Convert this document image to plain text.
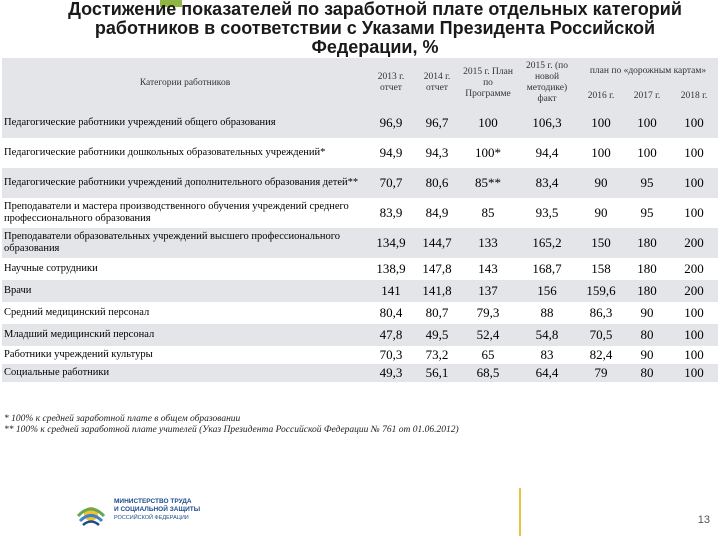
Достижение показателей по заработной плате отдельных категорий работников в соответствии с Указами Президента Российской Федерации, %
Категории работников	2013 г. отчет	2014 г. отчет	2015 г. План по Программе	2015 г. (по новой методике) факт	план по «дорожным картам»		
					2016 г.	2017 г.	2018 г.
Педагогические работники учреждений общего образования	96,9	96,7	100	106,3	100	100	100
Педагогические работники дошкольных образовательных учреждений*	94,9	94,3	100*	94,4	100	100	100
Педагогические работники учреждений дополнительного образования детей**	70,7	80,6	85**	83,4	90	95	100
Преподаватели и мастера производственного обучения учреждений среднего профессионального образования	83,9	84,9	85	93,5	90	95	100
Преподаватели образовательных учреждений высшего профессионального образования	134,9	144,7	133	165,2	150	180	200
Научные сотрудники	138,9	147,8	143	168,7	158	180	200
Врачи	141	141,8	137	156	159,6	180	200
Средний медицинский персонал	80,4	80,7	79,3	88	86,3	90	100
Младший медицинский персонал	47,8	49,5	52,4	54,8	70,5	80	100
Работники учреждений культуры	70,3	73,2	65	83	82,4	90	100
Социальные работники	49,3	56,1	68,5	64,4	79	80	100
* 100% к средней заработной плате в общем образовании
** 100% к средней заработной плате учителей (Указ Президента Российской Федерации № 761 от 01.06.2012)
МИНИСТЕРСТВО ТРУДА
И СОЦИАЛЬНОЙ ЗАЩИТЫ
РОССИЙСКОЙ ФЕДЕРАЦИИ	13
